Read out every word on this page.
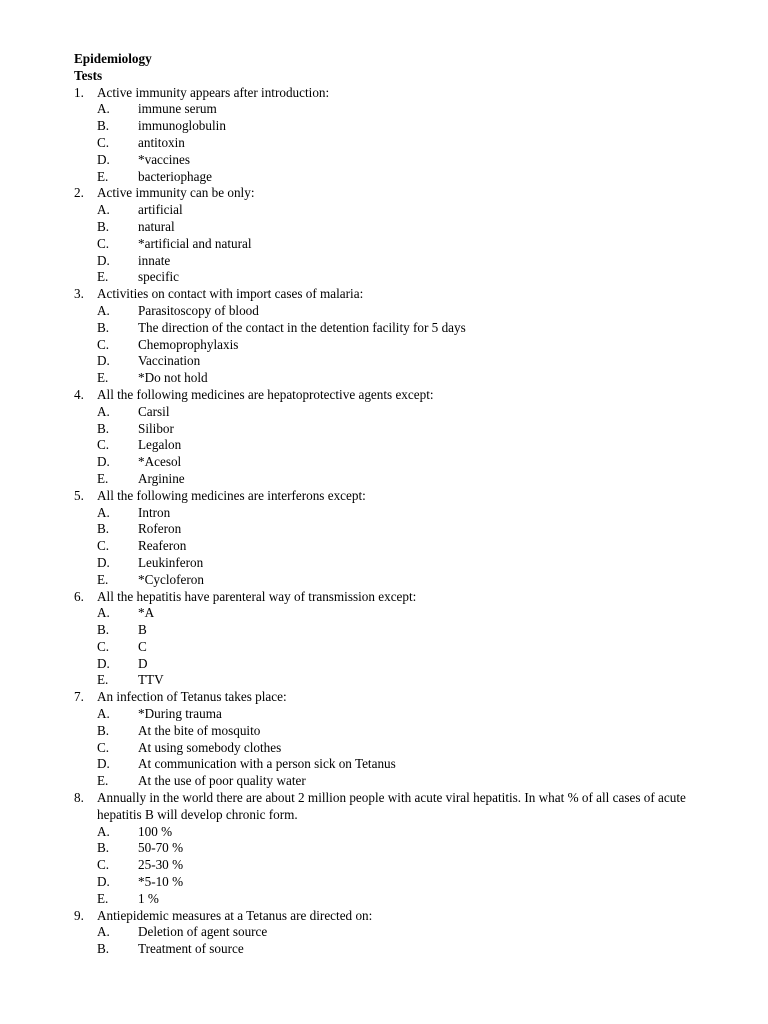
Epidemiology
Tests
1. Active immunity appears after introduction:
A. immune serum
B. immunoglobulin
C. antitoxin
D. *vaccines
E. bacteriophage
2. Active immunity can be only:
A. artificial
B. natural
C. *artificial and natural
D. innate
E. specific
3. Activities on contact with import cases of malaria:
A. Parasitoscopy of blood
B. The direction of the contact in the detention facility for 5 days
C. Chemoprophylaxis
D. Vaccination
E. *Do not hold
4. All the following medicines are hepatoprotective agents except:
A. Carsil
B. Silibor
C. Legalon
D. *Acesol
E. Arginine
5. All the following medicines are interferons except:
A. Intron
B. Roferon
C. Reaferon
D. Leukinferon
E. *Cycloferon
6. All the hepatitis have parenteral way of transmission except:
A. *A
B. B
C. C
D. D
E. TTV
7. An infection of Tetanus takes place:
A. *During trauma
B. At the bite of mosquito
C. At using somebody clothes
D. At communication with a person sick on Tetanus
E. At the use of poor quality water
8. Annually in the world there are about 2 million people with acute viral hepatitis. In what % of all cases of acute hepatitis B will develop chronic form.
A. 100 %
B. 50-70 %
C. 25-30 %
D. *5-10 %
E. 1 %
9. Antiepidemic measures at a Tetanus are directed on:
A. Deletion of agent source
B. Treatment of source
